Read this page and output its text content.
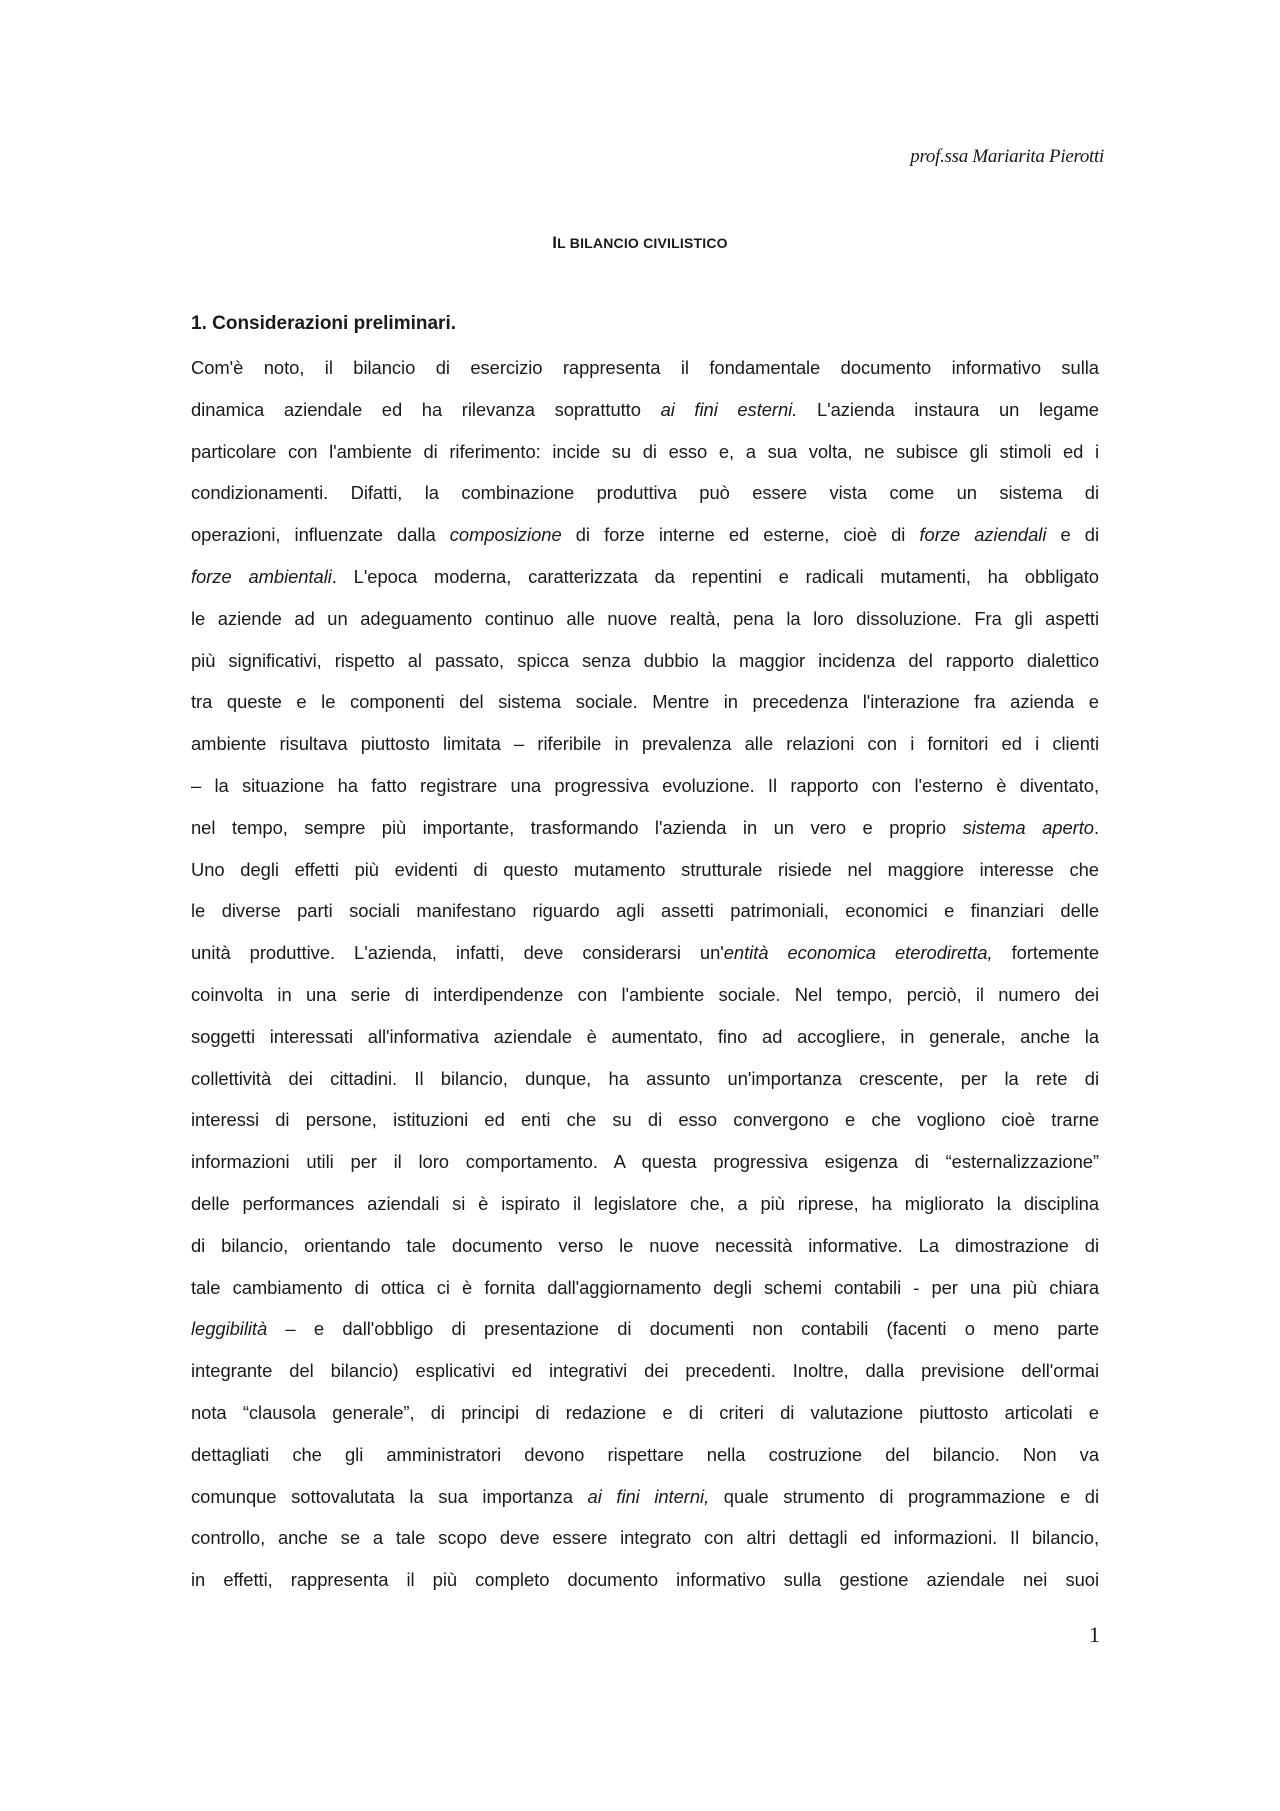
prof.ssa Mariarita Pierotti
IL BILANCIO CIVILISTICO
1. Considerazioni preliminari.
Com'è noto, il bilancio di esercizio rappresenta il fondamentale documento informativo sulla
dinamica aziendale ed ha rilevanza soprattutto ai fini esterni. L'azienda instaura un legame
particolare con l'ambiente di riferimento: incide su di esso e, a sua volta, ne subisce gli stimoli ed i
condizionamenti. Difatti, la combinazione produttiva può essere vista come un sistema di
operazioni, influenzate dalla composizione di forze interne ed esterne, cioè di forze aziendali e di
forze ambientali. L'epoca moderna, caratterizzata da repentini e radicali mutamenti, ha obbligato
le aziende ad un adeguamento continuo alle nuove realtà, pena la loro dissoluzione. Fra gli aspetti
più significativi, rispetto al passato, spicca senza dubbio la maggior incidenza del rapporto dialettico
tra queste e le componenti del sistema sociale. Mentre in precedenza l'interazione fra azienda e
ambiente risultava piuttosto limitata – riferibile in prevalenza alle relazioni con i fornitori ed i clienti
– la situazione ha fatto registrare una progressiva evoluzione. Il rapporto con l'esterno è diventato,
nel tempo, sempre più importante, trasformando l'azienda in un vero e proprio sistema aperto.
Uno degli effetti più evidenti di questo mutamento strutturale risiede nel maggiore interesse che
le diverse parti sociali manifestano riguardo agli assetti patrimoniali, economici e finanziari delle
unità produttive. L'azienda, infatti, deve considerarsi un'entità economica eterodiretta, fortemente
coinvolta in una serie di interdipendenze con l'ambiente sociale. Nel tempo, perciò, il numero dei
soggetti interessati all'informativa aziendale è aumentato, fino ad accogliere, in generale, anche la
collettività dei cittadini. Il bilancio, dunque, ha assunto un'importanza crescente, per la rete di
interessi di persone, istituzioni ed enti che su di esso convergono e che vogliono cioè trarne
informazioni utili per il loro comportamento. A questa progressiva esigenza di “esternalizzazione”
delle performances aziendali si è ispirato il legislatore che, a più riprese, ha migliorato la disciplina
di bilancio, orientando tale documento verso le nuove necessità informative. La dimostrazione di
tale cambiamento di ottica ci è fornita dall'aggiornamento degli schemi contabili - per una più chiara
leggibilità – e dall'obbligo di presentazione di documenti non contabili (facenti o meno parte
integrante del bilancio) esplicativi ed integrativi dei precedenti. Inoltre, dalla previsione dell'ormai
nota “clausola generale”, di principi di redazione e di criteri di valutazione piuttosto articolati e
dettagliati che gli amministratori devono rispettare nella costruzione del bilancio. Non va
comunque sottovalutata la sua importanza ai fini interni, quale strumento di programmazione e di
controllo, anche se a tale scopo deve essere integrato con altri dettagli ed informazioni. Il bilancio,
in effetti, rappresenta il più completo documento informativo sulla gestione aziendale nei suoi
1
